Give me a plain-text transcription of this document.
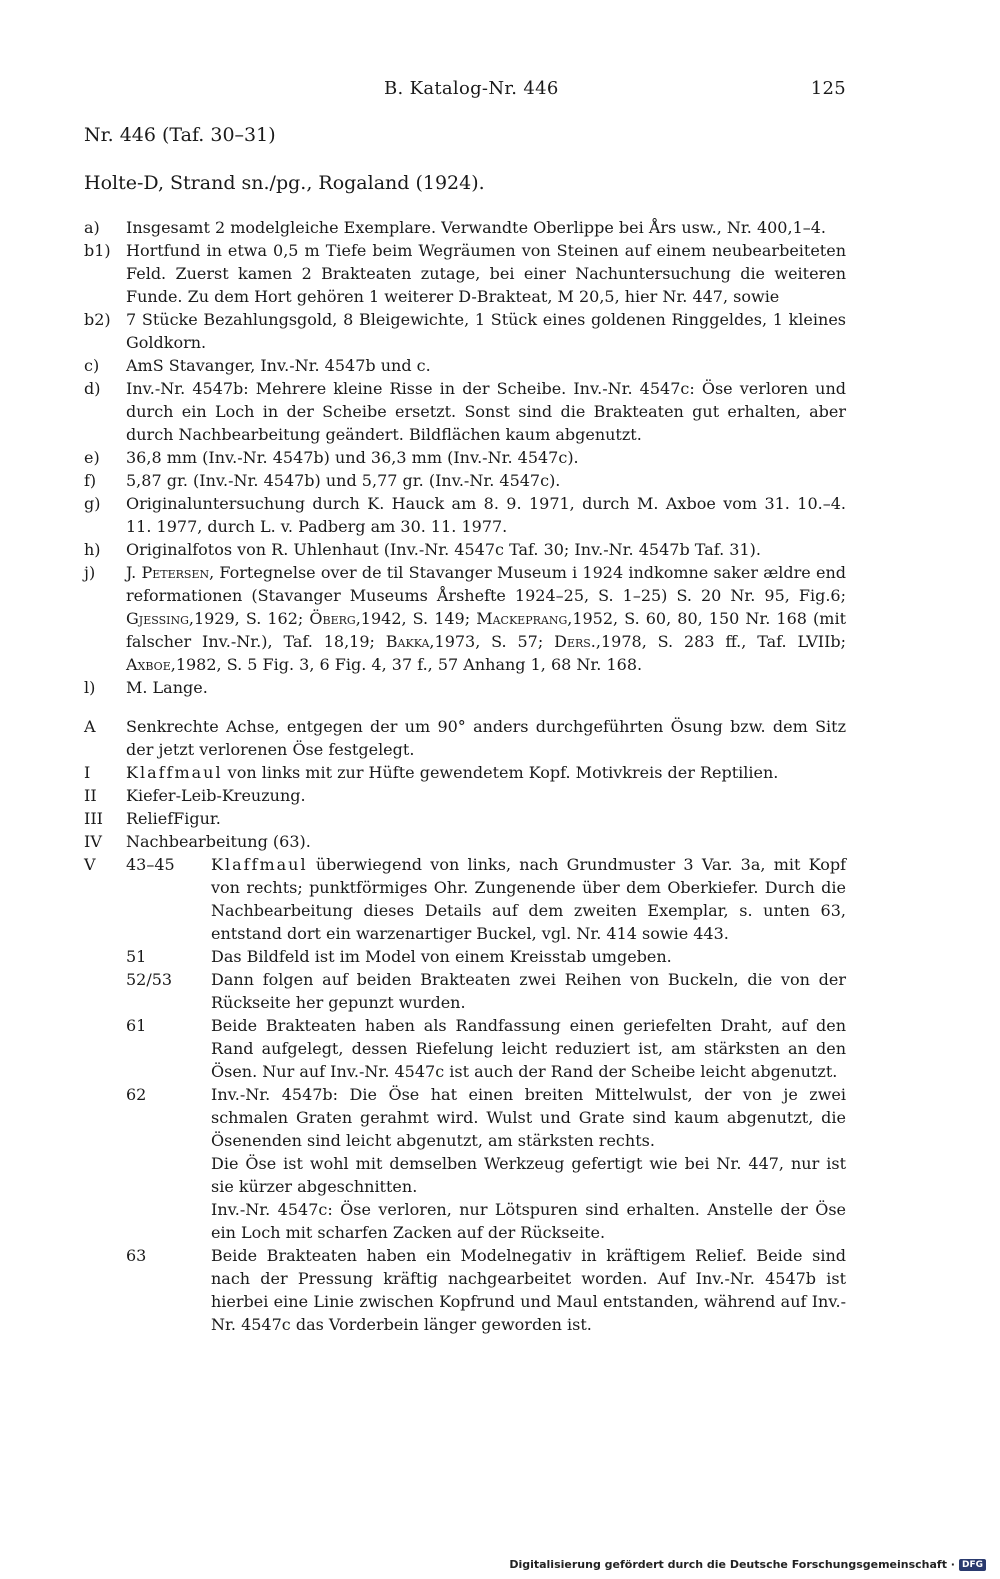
B. Katalog-Nr. 446	125
Nr. 446 (Taf. 30–31)
Holte-D, Strand sn./pg., Rogaland (1924).
a) Insgesamt 2 modelgleiche Exemplare. Verwandte Oberlippe bei Års usw., Nr. 400,1–4.
b1) Hortfund in etwa 0,5 m Tiefe beim Wegräumen von Steinen auf einem neubearbeiteten Feld. Zuerst kamen 2 Brakteaten zutage, bei einer Nachuntersuchung die weiteren Funde. Zu dem Hort gehören 1 weiterer D-Brakteat, M 20,5, hier Nr. 447, sowie
b2) 7 Stücke Bezahlungsgold, 8 Bleigewichte, 1 Stück eines goldenen Ringgeldes, 1 kleines Goldkorn.
c) AmS Stavanger, Inv.-Nr. 4547b und c.
d) Inv.-Nr. 4547b: Mehrere kleine Risse in der Scheibe. Inv.-Nr. 4547c: Öse verloren und durch ein Loch in der Scheibe ersetzt. Sonst sind die Brakteaten gut erhalten, aber durch Nachbearbeitung geändert. Bildflächen kaum abgenutzt.
e) 36,8 mm (Inv.-Nr. 4547b) und 36,3 mm (Inv.-Nr. 4547c).
f) 5,87 gr. (Inv.-Nr. 4547b) und 5,77 gr. (Inv.-Nr. 4547c).
g) Originaluntersuchung durch K. Hauck am 8. 9. 1971, durch M. Axboe vom 31. 10.–4. 11. 1977, durch L. v. Padberg am 30. 11. 1977.
h) Originalfotos von R. Uhlenhaut (Inv.-Nr. 4547c Taf. 30; Inv.-Nr. 4547b Taf. 31).
j) J. Petersen, Fortegnelse over de til Stavanger Museum i 1924 indkomne saker ældre end reformationen (Stavanger Museums Årshefte 1924–25, S. 1–25) S. 20 Nr. 95, Fig.6; Gjessing,1929, S. 162; Öberg,1942, S. 149; Mackeprang,1952, S. 60, 80, 150 Nr. 168 (mit falscher Inv.-Nr.), Taf. 18,19; Bakka,1973, S. 57; Ders.,1978, S. 283 ff., Taf. LVIIb; Axboe,1982, S. 5 Fig. 3, 6 Fig. 4, 37 f., 57 Anhang 1, 68 Nr. 168.
l) M. Lange.
A Senkrechte Achse, entgegen der um 90° anders durchgeführten Ösung bzw. dem Sitz der jetzt verlorenen Öse festgelegt.
I Klaffmaul von links mit zur Hüfte gewendetem Kopf. Motivkreis der Reptilien.
II Kiefer-Leib-Kreuzung.
III ReliefFigur.
IV Nachbearbeitung (63).
V 43–45 Klaffmaul überwiegend von links, nach Grundmuster 3 Var. 3a, mit Kopf von rechts; punktförmiges Ohr. Zungenende über dem Oberkiefer. Durch die Nachbearbeitung dieses Details auf dem zweiten Exemplar, s. unten 63, entstand dort ein warzenartiger Buckel, vgl. Nr. 414 sowie 443.
51	Das Bildfeld ist im Model von einem Kreisstab umgeben.
52/53 Dann folgen auf beiden Brakteaten zwei Reihen von Buckeln, die von der Rückseite her gepunzt wurden.
61	Beide Brakteaten haben als Randfassung einen geriefelten Draht, auf den Rand aufgelegt, dessen Riefelung leicht reduziert ist, am stärksten an den Ösen. Nur auf Inv.-Nr. 4547c ist auch der Rand der Scheibe leicht abgenutzt.
62	Inv.-Nr. 4547b: Die Öse hat einen breiten Mittelwulst, der von je zwei schmalen Graten gerahmt wird. Wulst und Grate sind kaum abgenutzt, die Ösenenden sind leicht abgenutzt, am stärksten rechts.
Die Öse ist wohl mit demselben Werkzeug gefertigt wie bei Nr. 447, nur ist sie kürzer abgeschnitten.
Inv.-Nr. 4547c: Öse verloren, nur Lötspuren sind erhalten. Anstelle der Öse ein Loch mit scharfen Zacken auf der Rückseite.
63	Beide Brakteaten haben ein Modelnegativ in kräftigem Relief. Beide sind nach der Pressung kräftig nachgearbeitet worden. Auf Inv.-Nr. 4547b ist hierbei eine Linie zwischen Kopfrund und Maul entstanden, während auf Inv.-Nr. 4547c das Vorderbein länger geworden ist.
Digitalisierung gefördert durch die Deutsche Forschungsgemeinschaft · DFG
